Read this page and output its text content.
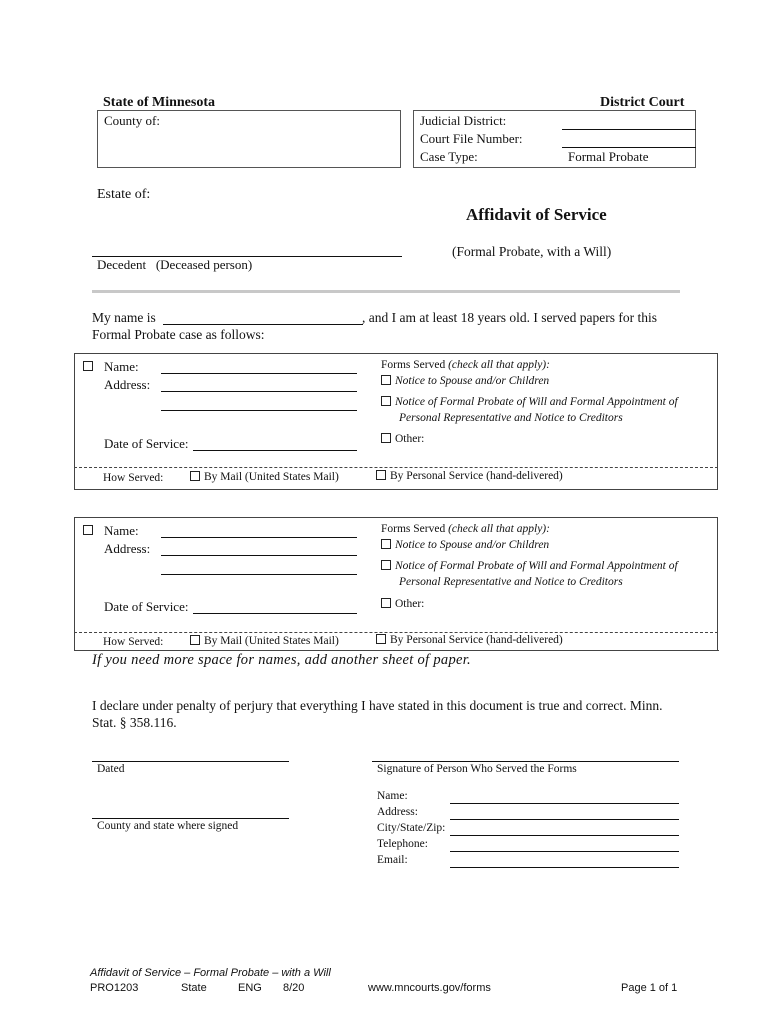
State of Minnesota	District Court
County of:	Judicial District:
Court File Number:
Case Type:	Formal Probate
Estate of:
Decedent   (Deceased person)
Affidavit of Service
(Formal Probate, with a Will)
My name is	, and I am at least 18 years old. I served papers for this
Formal Probate case as follows:
Name:
Address:
Date of Service:
Forms Served (check all that apply):
Notice to Spouse and/or Children
Notice of Formal Probate of Will and Formal Appointment of
Personal Representative and Notice to Creditors
Other:
How Served:	By Mail (United States Mail)	By Personal Service (hand-delivered)
Name:
Address:
Date of Service:
Forms Served (check all that apply):
Notice to Spouse and/or Children
Notice of Formal Probate of Will and Formal Appointment of
Personal Representative and Notice to Creditors
Other:
How Served:	By Mail (United States Mail)	By Personal Service (hand-delivered)
If you need more space for names, add another sheet of paper.
I declare under penalty of perjury that everything I have stated in this document is true and correct. Minn.
Stat. § 358.116.
Dated
County and state where signed
Signature of Person Who Served the Forms
Name:
Address:
City/State/Zip:
Telephone:
Email:
Affidavit of Service – Formal Probate – with a Will
PRO1203	State	ENG 8/20	www.mncourts.gov/forms	Page 1 of 1
